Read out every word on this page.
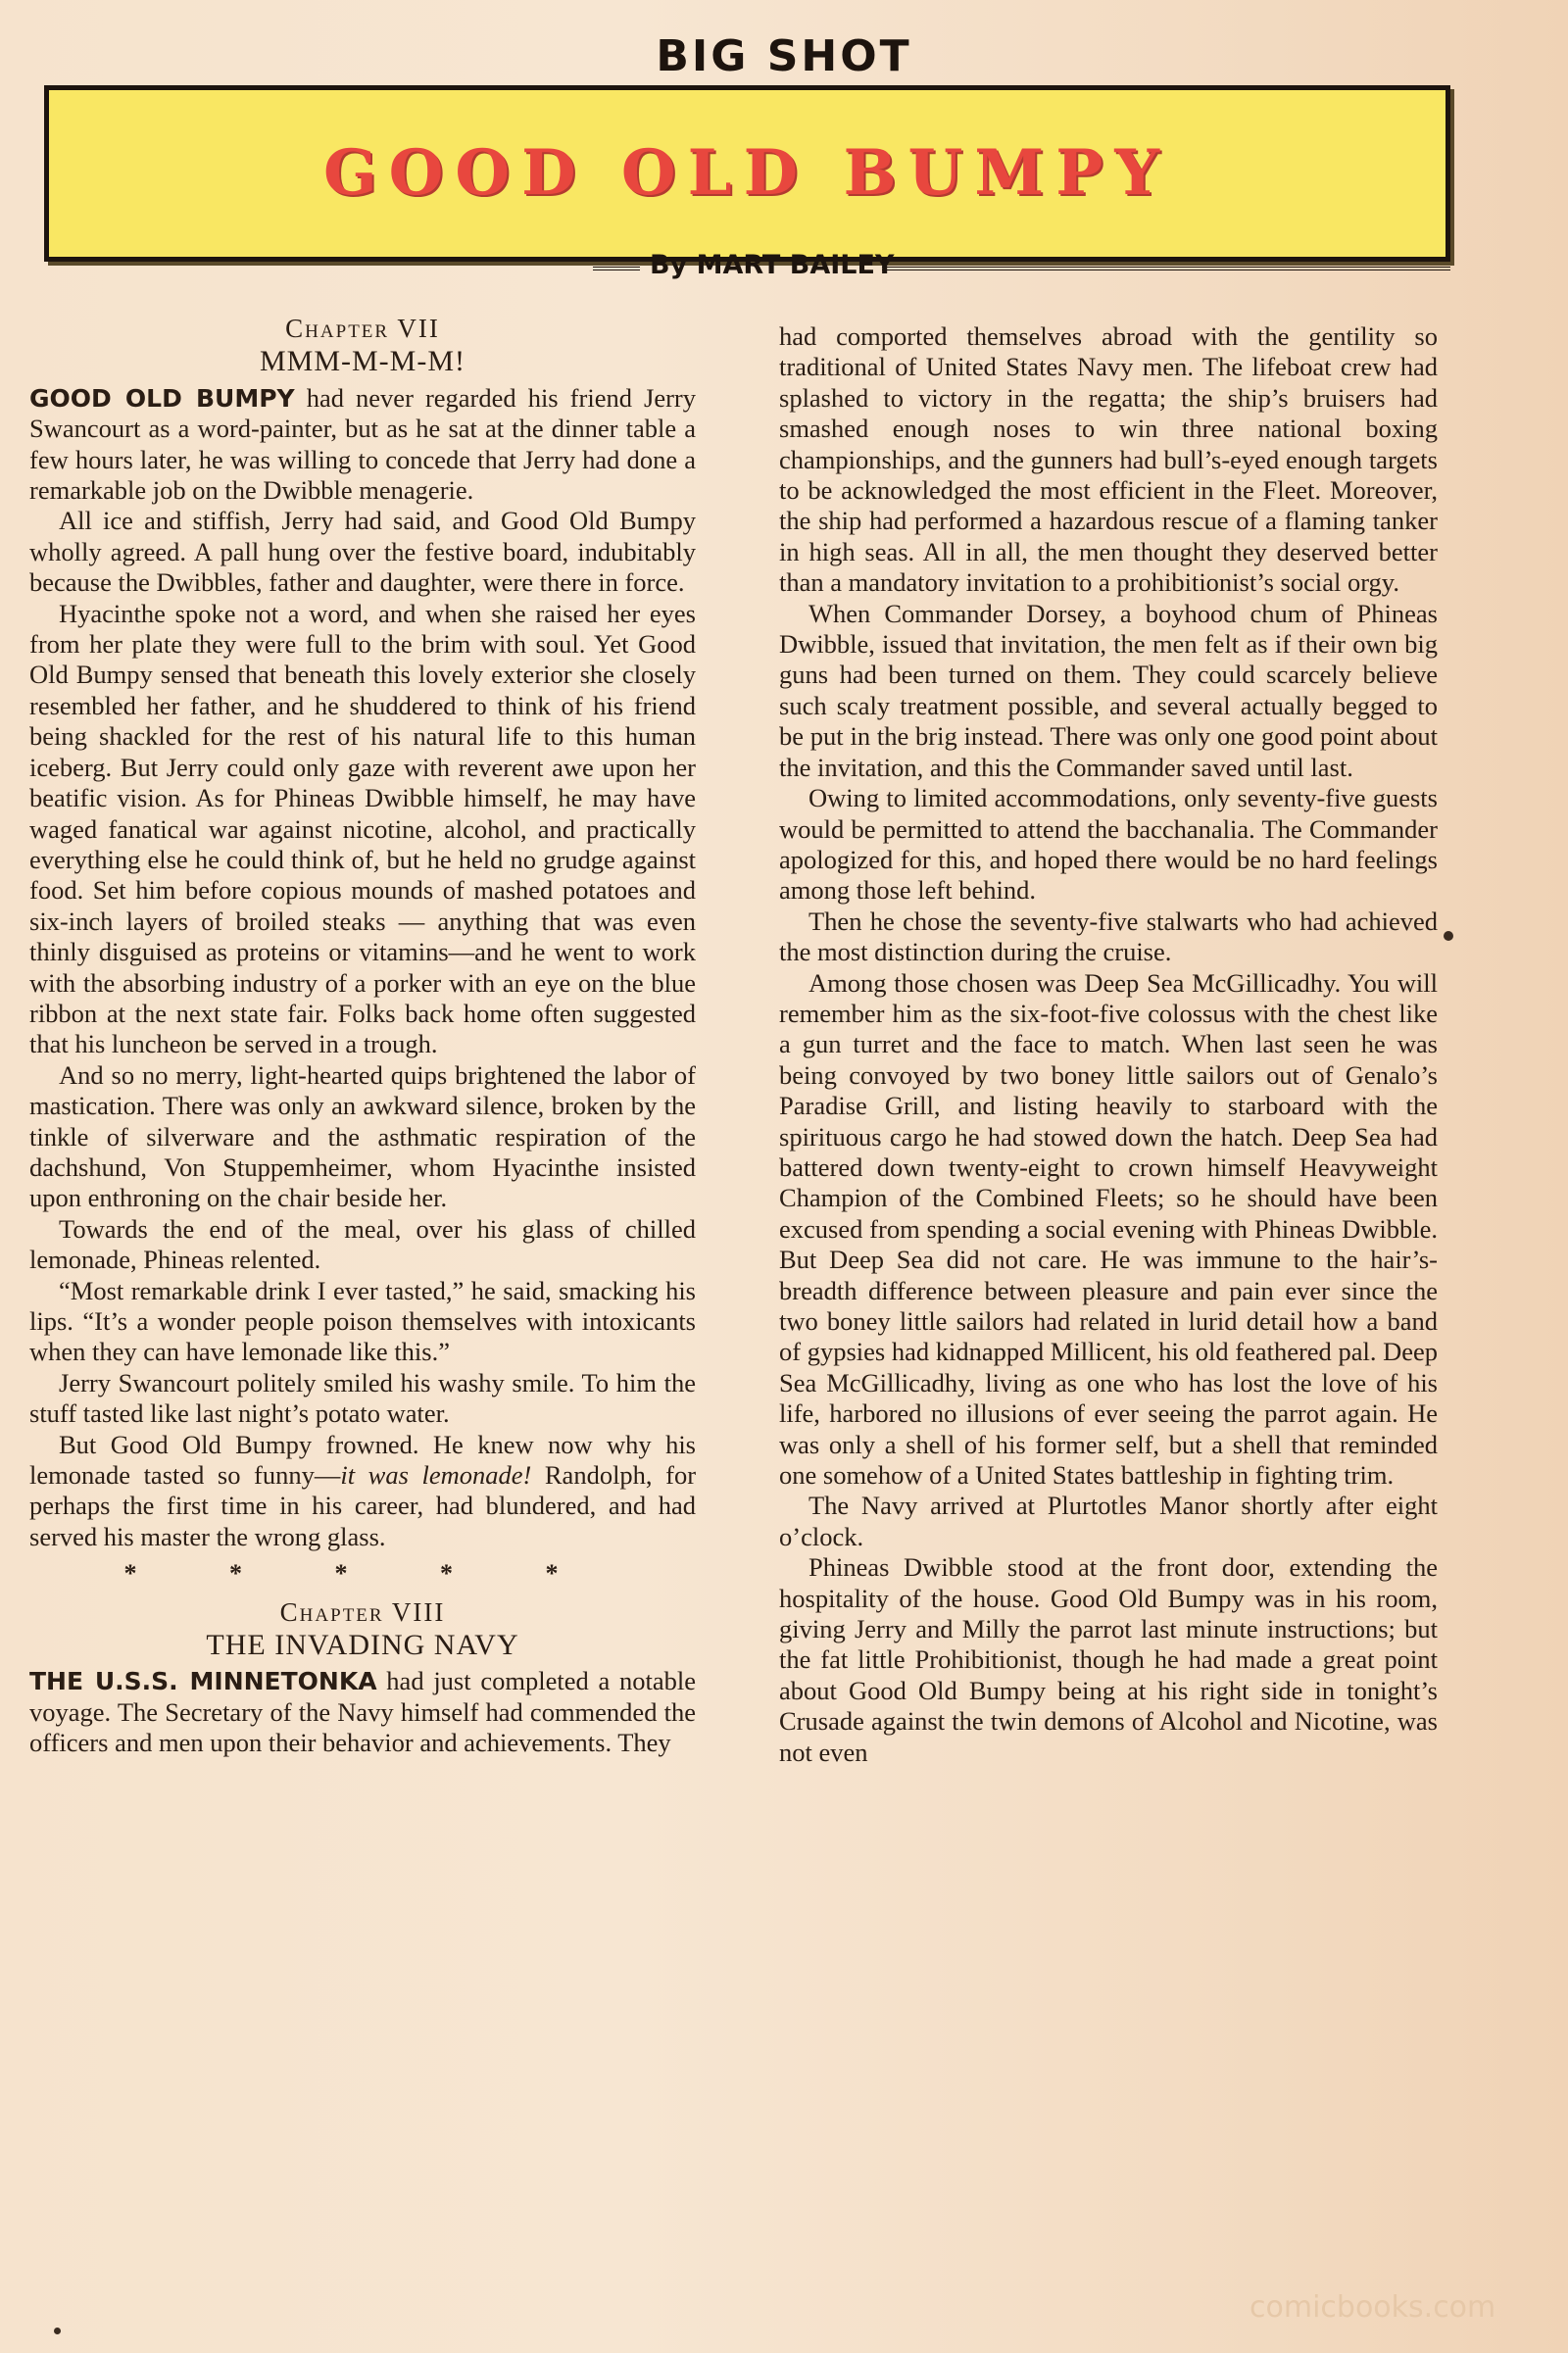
BIG SHOT
GOOD OLD BUMPY
By MART BAILEY
Chapter VII
MMM-M-M-M!

GOOD OLD BUMPY had never regarded his friend Jerry Swancourt as a word-painter, but as he sat at the dinner table a few hours later, he was willing to concede that Jerry had done a remarkable job on the Dwibble menagerie.

All ice and stiffish, Jerry had said, and Good Old Bumpy wholly agreed. A pall hung over the festive board, indubitably because the Dwibbles, father and daughter, were there in force.

Hyacinthe spoke not a word, and when she raised her eyes from her plate they were full to the brim with soul. Yet Good Old Bumpy sensed that beneath this lovely exterior she closely resembled her father, and he shuddered to think of his friend being shackled for the rest of his natural life to this human iceberg. But Jerry could only gaze with reverent awe upon her beatific vision. As for Phineas Dwibble himself, he may have waged fanatical war against nicotine, alcohol, and practically everything else he could think of, but he held no grudge against food. Set him before copious mounds of mashed potatoes and six-inch layers of broiled steaks — anything that was even thinly disguised as proteins or vitamins—and he went to work with the absorbing industry of a porker with an eye on the blue ribbon at the next state fair. Folks back home often suggested that his luncheon be served in a trough.

And so no merry, light-hearted quips brightened the labor of mastication. There was only an awkward silence, broken by the tinkle of silverware and the asthmatic respiration of the dachshund, Von Stuppemheimer, whom Hyacinthe insisted upon enthroning on the chair beside her.

Towards the end of the meal, over his glass of chilled lemonade, Phineas relented.

“Most remarkable drink I ever tasted,” he said, smacking his lips. “It’s a wonder people poison themselves with intoxicants when they can have lemonade like this.”

Jerry Swancourt politely smiled his washy smile. To him the stuff tasted like last night’s potato water.

But Good Old Bumpy frowned. He knew now why his lemonade tasted so funny—it was lemonade! Randolph, for perhaps the first time in his career, had blundered, and had served his master the wrong glass.

* * * * *
Chapter VIII
THE INVADING NAVY

THE U.S.S. MINNETONKA had just completed a notable voyage. The Secretary of the Navy himself had commended the officers and men upon their behavior and achievements. They

had comported themselves abroad with the gentility so traditional of United States Navy men. The lifeboat crew had splashed to victory in the regatta; the ship’s bruisers had smashed enough noses to win three national boxing championships, and the gunners had bull’s-eyed enough targets to be acknowledged the most efficient in the Fleet. Moreover, the ship had performed a hazardous rescue of a flaming tanker in high seas. All in all, the men thought they deserved better than a mandatory invitation to a prohibitionist’s social orgy.

When Commander Dorsey, a boyhood chum of Phineas Dwibble, issued that invitation, the men felt as if their own big guns had been turned on them. They could scarcely believe such scaly treatment possible, and several actually begged to be put in the brig instead. There was only one good point about the invitation, and this the Commander saved until last.

Owing to limited accommodations, only seventy-five guests would be permitted to attend the bacchanalia. The Commander apologized for this, and hoped there would be no hard feelings among those left behind.

Then he chose the seventy-five stalwarts who had achieved the most distinction during the cruise.

Among those chosen was Deep Sea McGillicadhy. You will remember him as the six-foot-five colossus with the chest like a gun turret and the face to match. When last seen he was being convoyed by two boney little sailors out of Genalo’s Paradise Grill, and listing heavily to starboard with the spirituous cargo he had stowed down the hatch. Deep Sea had battered down twenty-eight to crown himself Heavyweight Champion of the Combined Fleets; so he should have been excused from spending a social evening with Phineas Dwibble. But Deep Sea did not care. He was immune to the hair’s-breadth difference between pleasure and pain ever since the two boney little sailors had related in lurid detail how a band of gypsies had kidnapped Millicent, his old feathered pal. Deep Sea McGillicadhy, living as one who has lost the love of his life, harbored no illusions of ever seeing the parrot again. He was only a shell of his former self, but a shell that reminded one somehow of a United States battleship in fighting trim.

The Navy arrived at Plurtotles Manor shortly after eight o’clock.

Phineas Dwibble stood at the front door, extending the hospitality of the house. Good Old Bumpy was in his room, giving Jerry and Milly the parrot last minute instructions; but the fat little Prohibitionist, though he had made a great point about Good Old Bumpy being at his right side in tonight’s Crusade against the twin demons of Alcohol and Nicotine, was not even

comicbooks.com
